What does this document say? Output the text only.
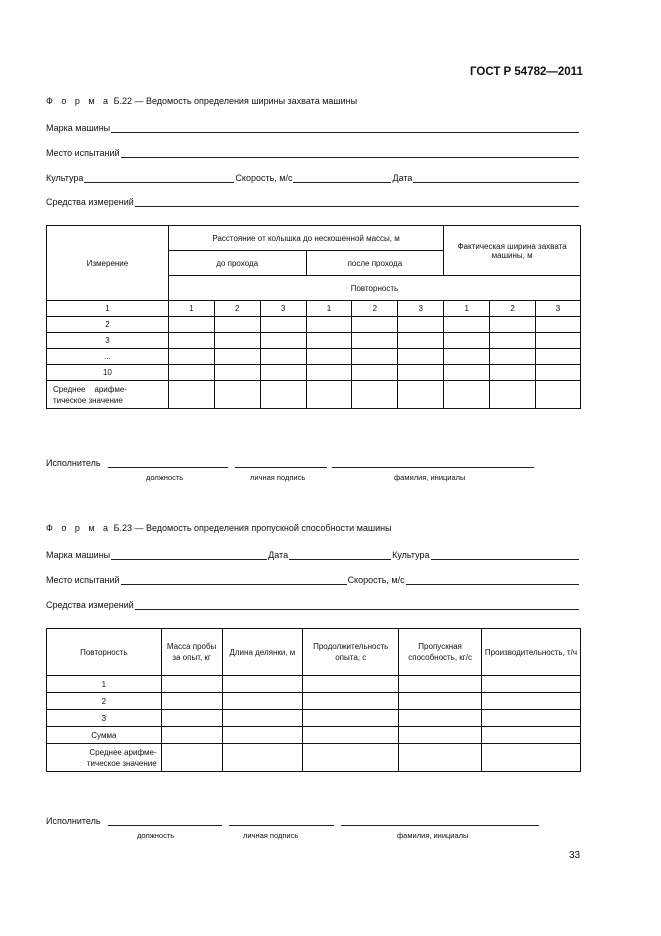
ГОСТ Р 54782—2011
Ф о р м а Б.22 — Ведомость определения ширины захвата машины
Марка машины
Место испытаний
Культура	Скорость, м/с	Дата
Средства измерений
Измерение	Расстояние от колышка до нескошенной массы, м						Фактическая ширина захвата машины, м		
	до прохода			после прохода					
	Повторность								
1	1	2	3	1	2	3	1	2	3
2									
3									
...									
10									

Среднее    арифме-
тическое значение									

Исполнитель
должность	личная подпись	фамилия, инициалы
Ф о р м а Б.23 — Ведомость определения пропускной способности машины
Марка машины	Дата	Культура
Место испытаний	Скорость, м/с
Средства измерений
Повторность	Масса пробы за опыт, кг	Длина делянки, м	Продолжительность опыта, с	Пропускная способность, кг/с	Производительность, т/ч
1					
2					
3					
Сумма					

Среднее арифме-
тическое значение					

Исполнитель
должность	личная подпись	фамилия, инициалы
33
